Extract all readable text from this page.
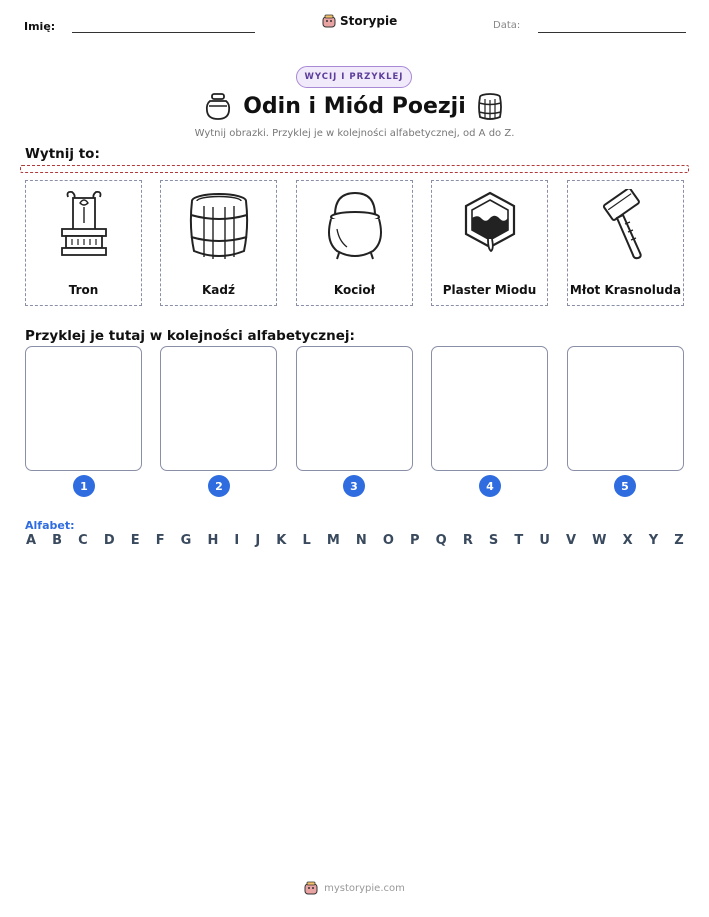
Imię:	Storypie	Data:
WYCIJ I PRZYKLEJ
Odin i Miód Poezji
Wytnij obrazki. Przyklej je w kolejności alfabetycznej, od A do Z.
Wytnij to:
Tron	Kadź	Kocioł	Plaster Miodu	Młot Krasnoluda
Przyklej je tutaj w kolejności alfabetycznej:
1	2	3	4	5
Alfabet:
A B C D E F G H I J K L M N O P Q R S T U V W X Y Z
mystorypie.com
